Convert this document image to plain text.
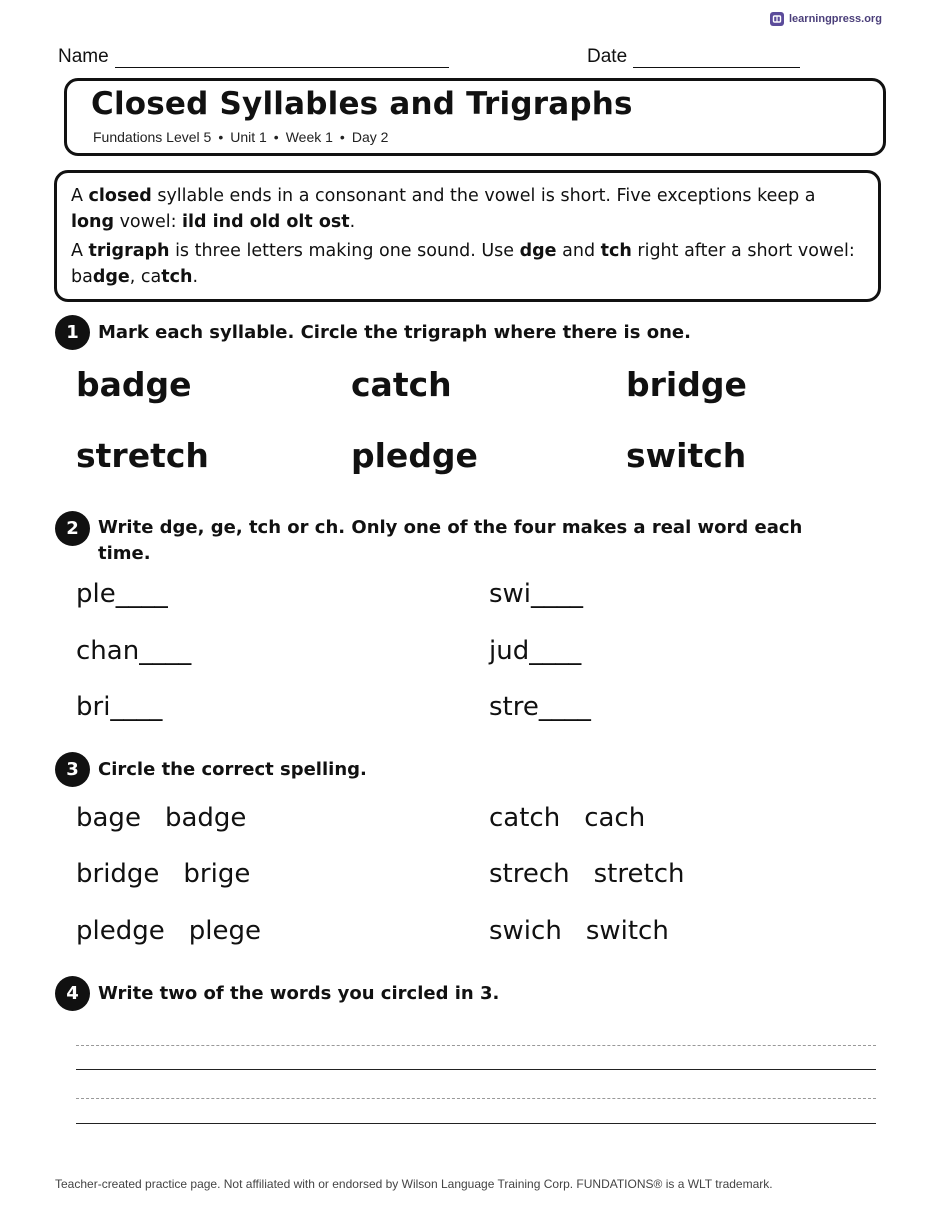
learningpress.org
Name	Date
Closed Syllables and Trigraphs
Fundations Level 5 • Unit 1 • Week 1 • Day 2

A closed syllable ends in a consonant and the vowel is short. Five exceptions keep a long vowel: ild ind old olt ost.

A trigraph is three letters making one sound. Use dge and tch right after a short vowel: badge, catch.

1	Mark each syllable. Circle the trigraph where there is one.
badge	catch	bridge
stretch	pledge	switch
2	Write dge, ge, tch or ch. Only one of the four makes a real word each time.
ple____	swi____
chan____	jud____
bri____	stre____
3	Circle the correct spelling.
bage badge	catch cach
bridge brige	strech stretch
pledge plege	swich switch
4	Write two of the words you circled in 3.
Teacher-created practice page. Not affiliated with or endorsed by Wilson Language Training Corp. FUNDATIONS® is a WLT trademark.
